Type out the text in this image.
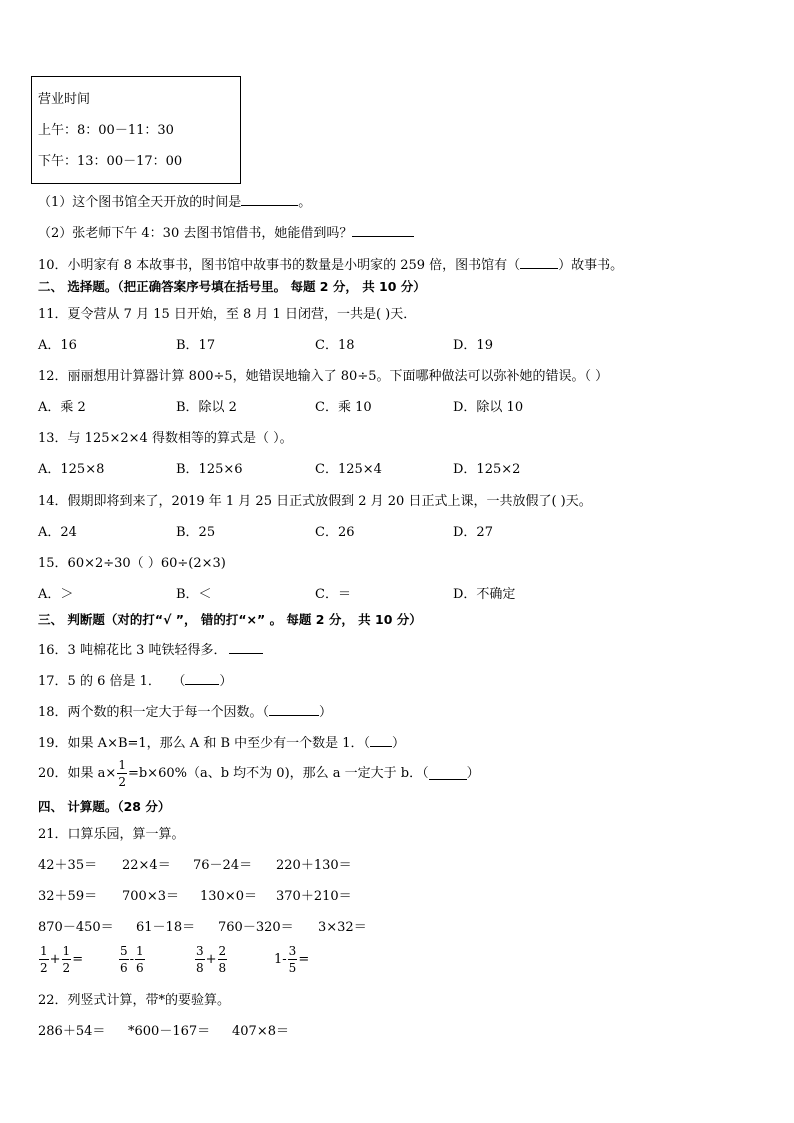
营业时间
上午：8：00－11：30
下午：13：00－17：00
（1）这个图书馆全天开放的时间是	。
（2）张老师下午 4：30 去图书馆借书，她能借到吗？
10．小明家有 8 本故事书，图书馆中故事书的数量是小明家的 259 倍，图书馆有（	）故事书。
二、 选择题。（把正确答案序号填在括号里。 每题 2 分， 共 10 分）
11．夏令营从 7 月 15 日开始，至 8 月 1 日闭营，一共是( )天．
A．16	B．17	C．18	D．19
12．丽丽想用计算器计算 800÷5，她错误地输入了 80÷5。下面哪种做法可以弥补她的错误。（ ）
A．乘 2	B．除以 2	C．乘 10	D．除以 10
13．与 125×2×4 得数相等的算式是（ ）。
A．125×8	B．125×6	C．125×4	D．125×2
14．假期即将到来了，2019 年 1 月 25 日正式放假到 2 月 20 日正式上课，一共放假了( )天。
A．24	B．25	C．26	D．27
15．60×2÷30（ ）60÷(2×3)
A．＞	B．＜	C．＝	D．不确定
三、 判断题（对的打“√ ”， 错的打“×” 。 每题 2 分， 共 10 分）
16．3 吨棉花比 3 吨铁轻得多．
17．5 的 6 倍是 1． （	）
18．两个数的积一定大于每一个因数。（	）
19．如果 A×B=1，那么 A 和 B 中至少有一个数是 1．（ ）
20．如果 $a\times \frac{1}{2} =b\times 60\%(a$、b 均不为 0)，那么 a 一定大于 b．（	）
四、 计算题。（28 分）
21．口算乐园，算一算。
42＋35＝ 22×4＝ 76－24＝ 220＋130＝
32＋59＝ 700×3＝ 130×0＝ 370＋210＝
870－450＝ 61－18＝ 760－320＝ 3×32＝
$\frac{1}{2} + \frac{1}{2}$ =	$\frac{5}{6} - \frac{1}{6}$	$\frac{3}{8} + \frac{2}{8}$	$1- \frac{3}{5}$ =
22．列竖式计算，带*的要验算。
286＋54＝ *600－167＝ 407×8＝
